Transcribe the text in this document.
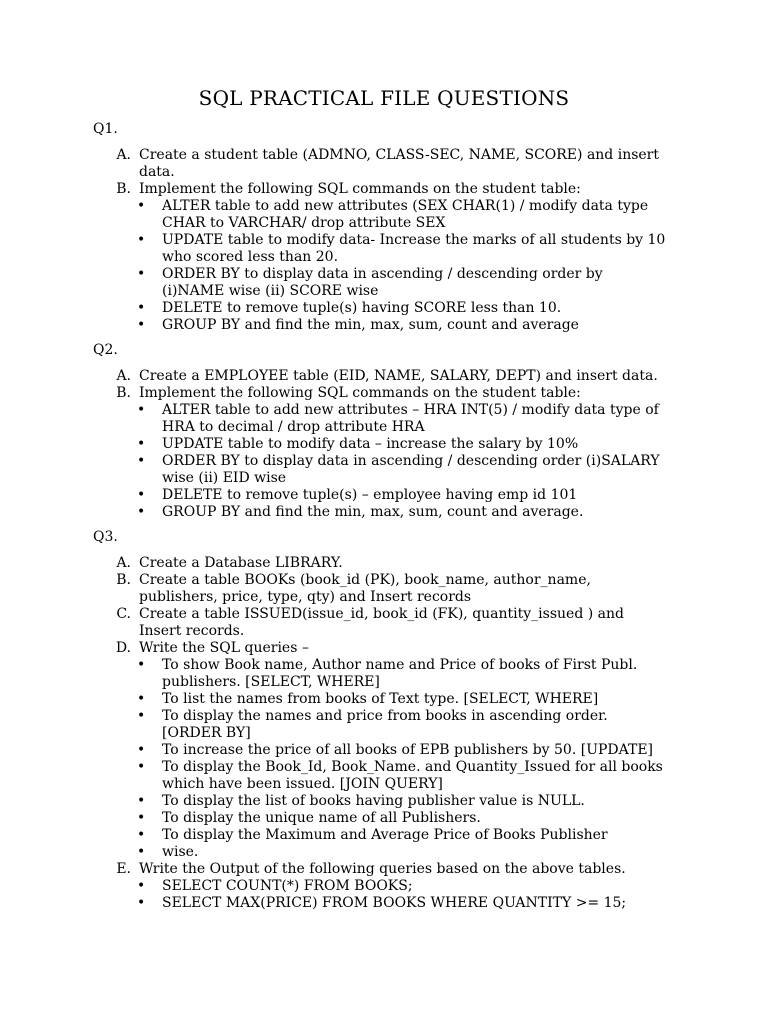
SQL PRACTICAL FILE QUESTIONS
Q1.
A. Create a student table (ADMNO, CLASS-SEC, NAME, SCORE) and insert
data.
B. Implement the following SQL commands on the student table:
• ALTER table to add new attributes (SEX CHAR(1) / modify data type
CHAR to VARCHAR/ drop attribute SEX
• UPDATE table to modify data- Increase the marks of all students by 10
who scored less than 20.
• ORDER BY to display data in ascending / descending order by
(i)NAME wise (ii) SCORE wise
• DELETE to remove tuple(s) having SCORE less than 10.
• GROUP BY and find the min, max, sum, count and average
Q2.
A. Create a EMPLOYEE table (EID, NAME, SALARY, DEPT) and insert data.
B. Implement the following SQL commands on the student table:
• ALTER table to add new attributes – HRA INT(5) / modify data type of
HRA to decimal / drop attribute HRA
• UPDATE table to modify data – increase the salary by 10%
• ORDER BY to display data in ascending / descending order (i)SALARY
wise (ii) EID wise
• DELETE to remove tuple(s) – employee having emp id 101
• GROUP BY and find the min, max, sum, count and average.
Q3.
A. Create a Database LIBRARY.
B. Create a table BOOKs (book_id (PK), book_name, author_name,
publishers, price, type, qty) and Insert records
C. Create a table ISSUED(issue_id, book_id (FK), quantity_issued ) and
Insert records.
D. Write the SQL queries –
• To show Book name, Author name and Price of books of First Publ.
publishers. [SELECT, WHERE]
• To list the names from books of Text type. [SELECT, WHERE]
• To display the names and price from books in ascending order.
[ORDER BY]
• To increase the price of all books of EPB publishers by 50. [UPDATE]
• To display the Book_Id, Book_Name. and Quantity_Issued for all books
which have been issued. [JOIN QUERY]
• To display the list of books having publisher value is NULL.
• To display the unique name of all Publishers.
• To display the Maximum and Average Price of Books Publisher
• wise.
E. Write the Output of the following queries based on the above tables.
• SELECT COUNT(*) FROM BOOKS;
• SELECT MAX(PRICE) FROM BOOKS WHERE QUANTITY >= 15;
